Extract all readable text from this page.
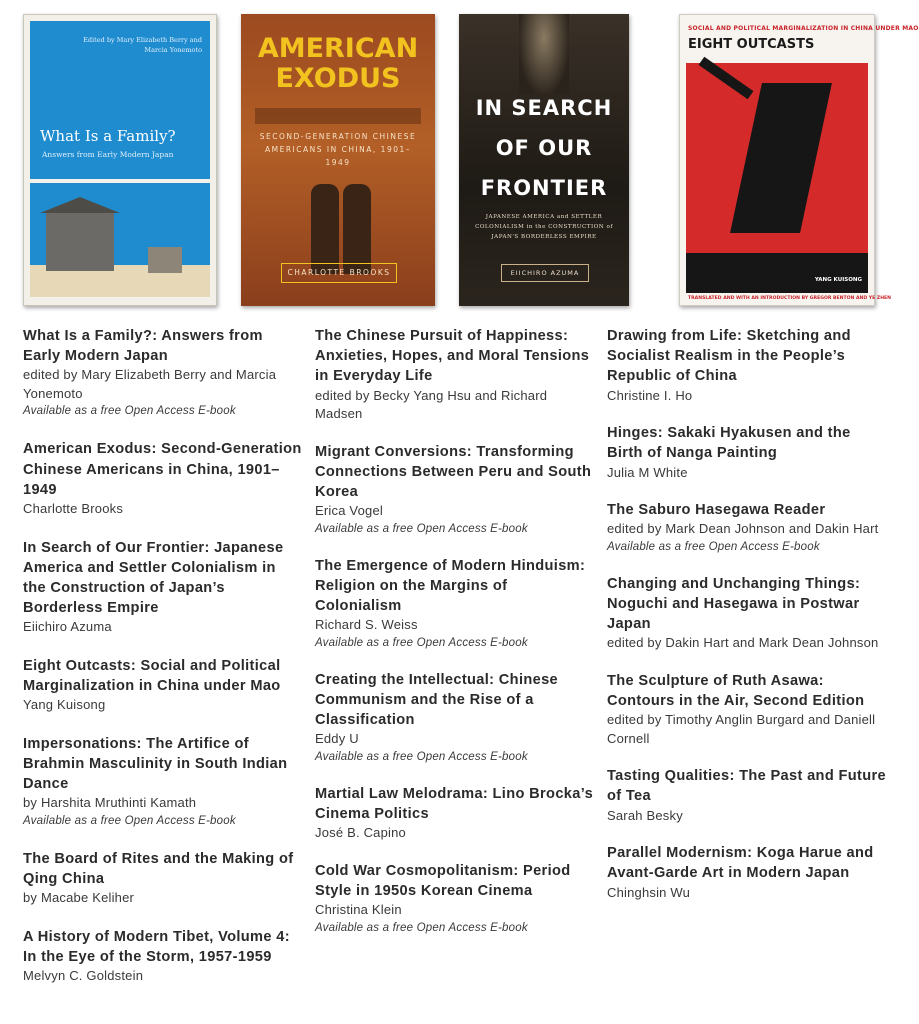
Edited by Mary Elizabeth Berry and Marcia Yonemoto
What Is a Family?
Answers from Early Modern Japan
AMERICAN
EXODUS
SECOND-GENERATION CHINESE AMERICANS IN CHINA, 1901–1949
CHARLOTTE BROOKS
IN SEARCH
OF OUR
FRONTIER
JAPANESE AMERICA and SETTLER COLONIALISM in the CONSTRUCTION of JAPAN'S BORDERLESS EMPIRE
EIICHIRO AZUMA
SOCIAL AND POLITICAL MARGINALIZATION IN CHINA UNDER MAO
EIGHT OUTCASTS
YANG KUISONG
TRANSLATED AND WITH AN INTRODUCTION BY GREGOR BENTON AND YE ZHEN
What Is a Family?: Answers from Early Modern Japan
edited by Mary Elizabeth Berry and Marcia Yonemoto
Available as a free Open Access E-book
American Exodus: Second-Generation Chinese Americans in China, 1901–1949
Charlotte Brooks
In Search of Our Frontier: Japanese America and Settler Colonialism in the Construction of Japan’s Borderless Empire
Eiichiro Azuma
Eight Outcasts: Social and Political Marginalization in China under Mao
Yang Kuisong
Impersonations: The Artifice of Brahmin Masculinity in South Indian Dance
by Harshita Mruthinti Kamath
Available as a free Open Access E-book
The Board of Rites and the Making of Qing China
by Macabe Keliher
A History of Modern Tibet, Volume 4: In the Eye of the Storm, 1957-1959
Melvyn C. Goldstein
The Chinese Pursuit of Happiness: Anxieties, Hopes, and Moral Tensions in Everyday Life
edited by Becky Yang Hsu and Richard Madsen
Migrant Conversions: Transforming Connections Between Peru and South Korea
Erica Vogel
Available as a free Open Access E-book
The Emergence of Modern Hinduism: Religion on the Margins of Colonialism
Richard S. Weiss
Available as a free Open Access E-book
Creating the Intellectual: Chinese Communism and the Rise of a Classification
Eddy U
Available as a free Open Access E-book
Martial Law Melodrama: Lino Brocka’s Cinema Politics
José B. Capino
Cold War Cosmopolitanism: Period Style in 1950s Korean Cinema
Christina Klein
Available as a free Open Access E-book
Drawing from Life: Sketching and Socialist Realism in the People’s Republic of China
Christine I. Ho
Hinges: Sakaki Hyakusen and the Birth of Nanga Painting
Julia M White
The Saburo Hasegawa Reader
edited by Mark Dean Johnson and Dakin Hart
Available as a free Open Access E-book
Changing and Unchanging Things: Noguchi and Hasegawa in Postwar Japan
edited by Dakin Hart and Mark Dean Johnson
The Sculpture of Ruth Asawa: Contours in the Air, Second Edition
edited by Timothy Anglin Burgard and Daniell Cornell
Tasting Qualities: The Past and Future of Tea
Sarah Besky
Parallel Modernism: Koga Harue and Avant-Garde Art in Modern Japan
Chinghsin Wu
